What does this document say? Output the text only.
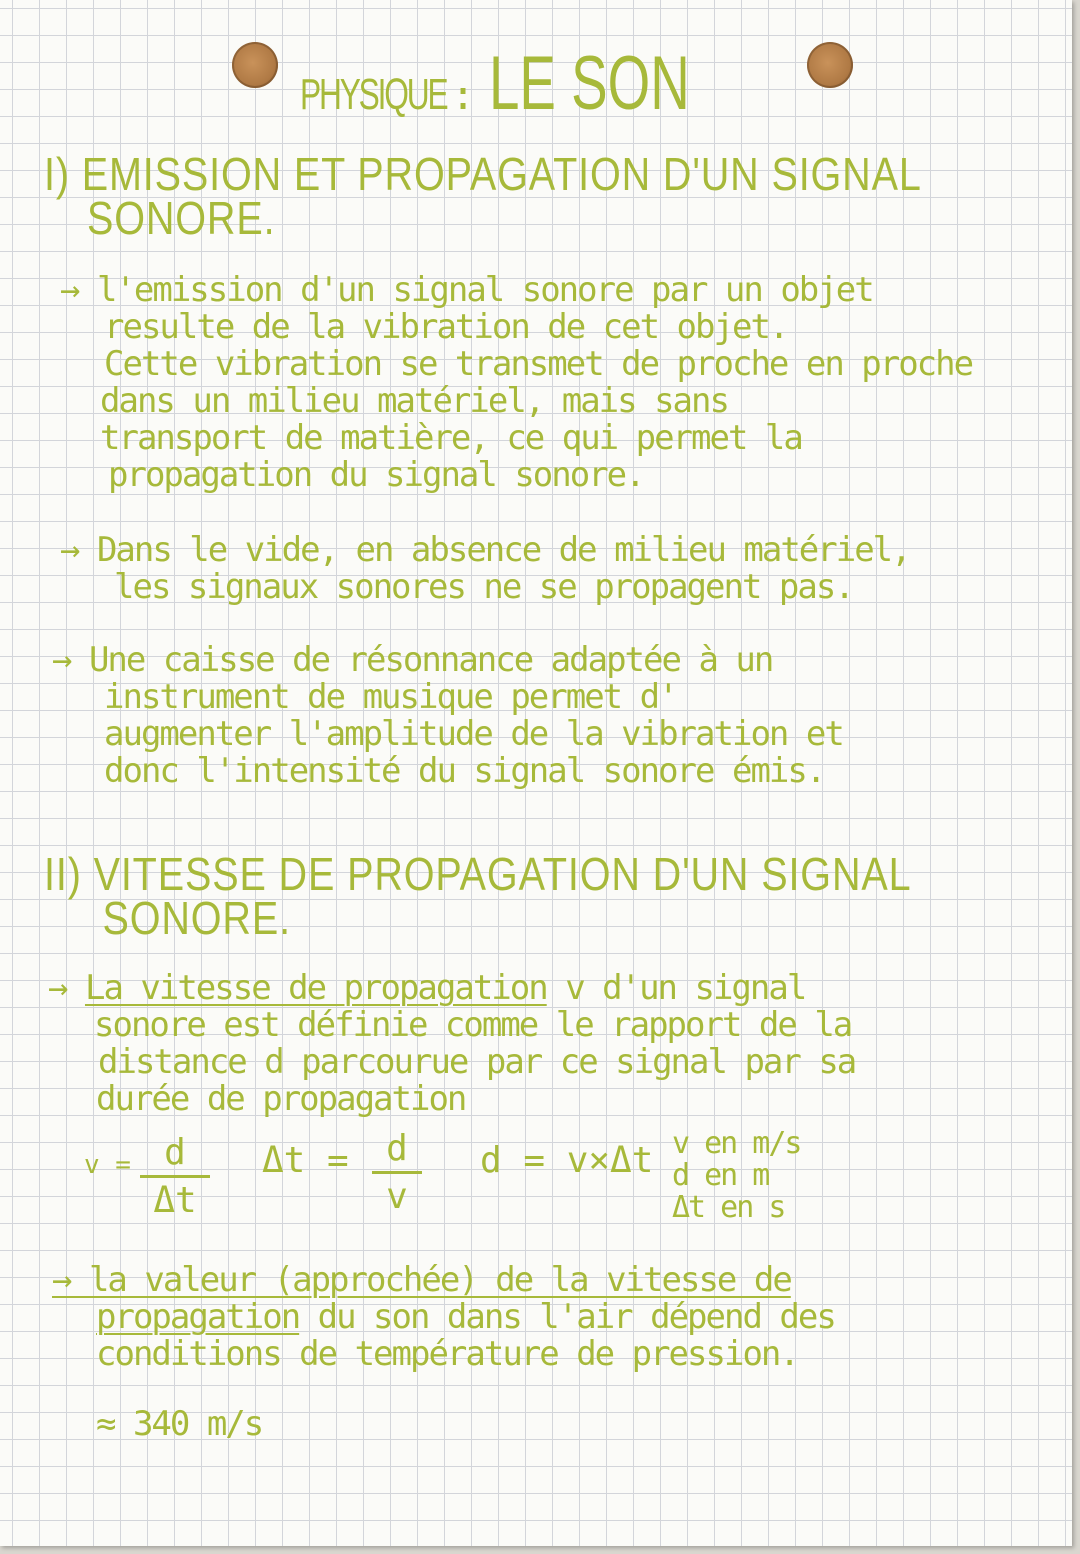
PHYSIQUE : LE SON
I) EMISSION ET PROPAGATION D'UN SIGNAL
SONORE.
→ l'emission d'un signal sonore par un objet
resulte de la vibration de cet objet.
Cette vibration se transmet de proche en proche
dans un milieu matériel, mais sans
transport de matière, ce qui permet la
propagation du signal sonore.
→ Dans le vide, en absence de milieu matériel,
les signaux sonores ne se propagent pas.
→ Une caisse de résonnance adaptée à un
instrument de musique permet d'
augmenter l'amplitude de la vibration et
donc l'intensité du signal sonore émis.
II) VITESSE DE PROPAGATION D'UN SIGNAL
SONORE.
→ La vitesse de propagation v d'un signal
sonore est définie comme le rapport de la
distance d parcourue par ce signal par sa
durée de propagation
v = d
Δt
Δt =	d
v
d = v×Δt v en m/s
d en m
Δt en s
→ la valeur (approchée) de la vitesse de
propagation du son dans l'air dépend des
conditions de température de pression.
≈ 340 m/s
